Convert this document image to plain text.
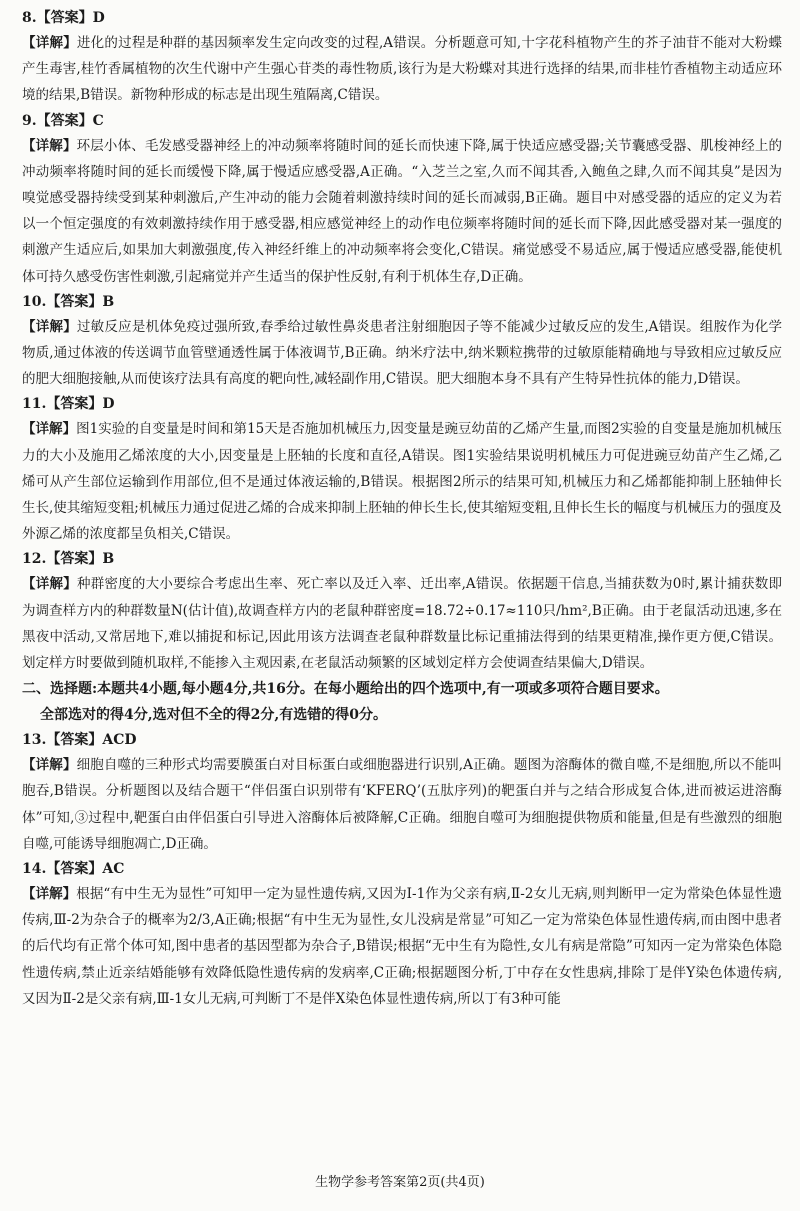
8.【答案】D

【详解】进化的过程是种群的基因频率发生定向改变的过程,A错误。分析题意可知,十字花科植物产生的芥子油苷不能对大粉蝶产生毒害,桂竹香属植物的次生代谢中产生强心苷类的毒性物质,该行为是大粉蝶对其进行选择的结果,而非桂竹香植物主动适应环境的结果,B错误。新物种形成的标志是出现生殖隔离,C错误。

9.【答案】C

【详解】环层小体、毛发感受器神经上的冲动频率将随时间的延长而快速下降,属于快适应感受器;关节囊感受器、肌梭神经上的冲动频率将随时间的延长而缓慢下降,属于慢适应感受器,A正确。“入芝兰之室,久而不闻其香,入鲍鱼之肆,久而不闻其臭”是因为嗅觉感受器持续受到某种刺激后,产生冲动的能力会随着刺激持续时间的延长而减弱,B正确。题目中对感受器的适应的定义为若以一个恒定强度的有效刺激持续作用于感受器,相应感觉神经上的动作电位频率将随时间的延长而下降,因此感受器对某一强度的刺激产生适应后,如果加大刺激强度,传入神经纤维上的冲动频率将会变化,C错误。痛觉感受不易适应,属于慢适应感受器,能使机体可持久感受伤害性刺激,引起痛觉并产生适当的保护性反射,有利于机体生存,D正确。

10.【答案】B

【详解】过敏反应是机体免疫过强所致,春季给过敏性鼻炎患者注射细胞因子等不能减少过敏反应的发生,A错误。组胺作为化学物质,通过体液的传送调节血管壁通透性属于体液调节,B正确。纳米疗法中,纳米颗粒携带的过敏原能精确地与导致相应过敏反应的肥大细胞接触,从而使该疗法具有高度的靶向性,减轻副作用,C错误。肥大细胞本身不具有产生特异性抗体的能力,D错误。

11.【答案】D

【详解】图1实验的自变量是时间和第15天是否施加机械压力,因变量是豌豆幼苗的乙烯产生量,而图2实验的自变量是施加机械压力的大小及施用乙烯浓度的大小,因变量是上胚轴的长度和直径,A错误。图1实验结果说明机械压力可促进豌豆幼苗产生乙烯,乙烯可从产生部位运输到作用部位,但不是通过体液运输的,B错误。根据图2所示的结果可知,机械压力和乙烯都能抑制上胚轴伸长生长,使其缩短变粗;机械压力通过促进乙烯的合成来抑制上胚轴的伸长生长,使其缩短变粗,且伸长生长的幅度与机械压力的强度及外源乙烯的浓度都呈负相关,C错误。

12.【答案】B

【详解】种群密度的大小要综合考虑出生率、死亡率以及迁入率、迁出率,A错误。依据题干信息,当捕获数为0时,累计捕获数即为调查样方内的种群数量N(估计值),故调查样方内的老鼠种群密度=18.72÷0.17≈110只/hm²,B正确。由于老鼠活动迅速,多在黑夜中活动,又常居地下,难以捕捉和标记,因此用该方法调查老鼠种群数量比标记重捕法得到的结果更精准,操作更方便,C错误。划定样方时要做到随机取样,不能掺入主观因素,在老鼠活动频繁的区域划定样方会使调查结果偏大,D错误。

二、选择题:本题共4小题,每小题4分,共16分。在每小题给出的四个选项中,有一项或多项符合题目要求。

全部选对的得4分,选对但不全的得2分,有选错的得0分。

13.【答案】ACD

【详解】细胞自噬的三种形式均需要膜蛋白对目标蛋白或细胞器进行识别,A正确。题图为溶酶体的微自噬,不是细胞,所以不能叫胞吞,B错误。分析题图以及结合题干“伴侣蛋白识别带有‘KFERQ’(五肽序列)的靶蛋白并与之结合形成复合体,进而被运进溶酶体”可知,③过程中,靶蛋白由伴侣蛋白引导进入溶酶体后被降解,C正确。细胞自噬可为细胞提供物质和能量,但是有些激烈的细胞自噬,可能诱导细胞凋亡,D正确。

14.【答案】AC

【详解】根据“有中生无为显性”可知甲一定为显性遗传病,又因为Ⅰ-1作为父亲有病,Ⅱ-2女儿无病,则判断甲一定为常染色体显性遗传病,Ⅲ-2为杂合子的概率为2/3,A正确;根据“有中生无为显性,女儿没病是常显”可知乙一定为常染色体显性遗传病,而由图中患者的后代均有正常个体可知,图中患者的基因型都为杂合子,B错误;根据“无中生有为隐性,女儿有病是常隐”可知丙一定为常染色体隐性遗传病,禁止近亲结婚能够有效降低隐性遗传病的发病率,C正确;根据题图分析,丁中存在女性患病,排除丁是伴Y染色体遗传病,又因为Ⅱ-2是父亲有病,Ⅲ-1女儿无病,可判断丁不是伴X染色体显性遗传病,所以丁有3种可能

生物学参考答案第2页(共4页)
